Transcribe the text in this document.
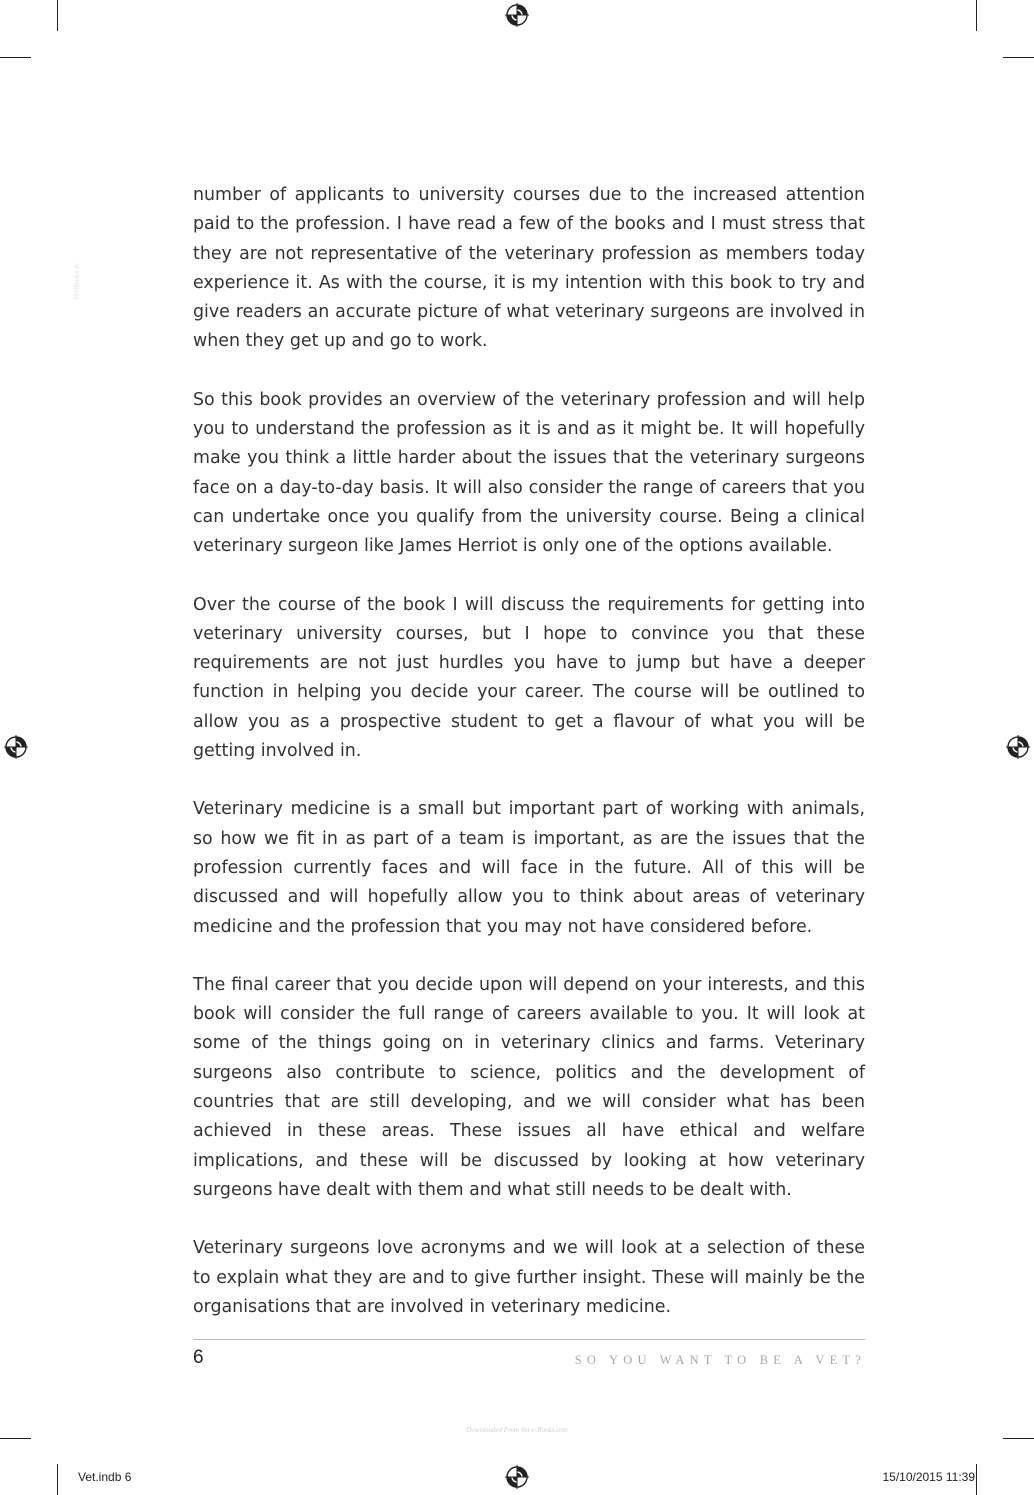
VetBooks.ir

number of applicants to university courses due to the increased attention paid to the profession. I have read a few of the books and I must stress that they are not representative of the veterinary profession as members today experience it. As with the course, it is my intention with this book to try and give readers an accurate picture of what veterinary surgeons are involved in when they get up and go to work.

So this book provides an overview of the veterinary profession and will help you to understand the profession as it is and as it might be. It will hopefully make you think a little harder about the issues that the veterinary surgeons face on a day-to-day basis. It will also consider the range of careers that you can undertake once you qualify from the university course. Being a clinical veterinary surgeon like James Herriot is only one of the options available.

Over the course of the book I will discuss the requirements for getting into veterinary university courses, but I hope to convince you that these requirements are not just hurdles you have to jump but have a deeper function in helping you decide your career. The course will be outlined to allow you as a prospective student to get a flavour of what you will be getting involved in.

Veterinary medicine is a small but important part of working with animals, so how we fit in as part of a team is important, as are the issues that the profession currently faces and will face in the future. All of this will be discussed and will hopefully allow you to think about areas of veterinary medicine and the profession that you may not have considered before.

The final career that you decide upon will depend on your interests, and this book will consider the full range of careers available to you. It will look at some of the things going on in veterinary clinics and farms. Veterinary surgeons also contribute to science, politics and the development of countries that are still developing, and we will consider what has been achieved in these areas. These issues all have ethical and welfare implications, and these will be discussed by looking at how veterinary surgeons have dealt with them and what still needs to be dealt with.

Veterinary surgeons love acronyms and we will look at a selection of these to explain what they are and to give further insight. These will mainly be the organisations that are involved in veterinary medicine.

6	SO YOU WANT TO BE A VET?
Downloaded From Vet-e-Books.com
Vet.indb 6	15/10/2015 11:39
